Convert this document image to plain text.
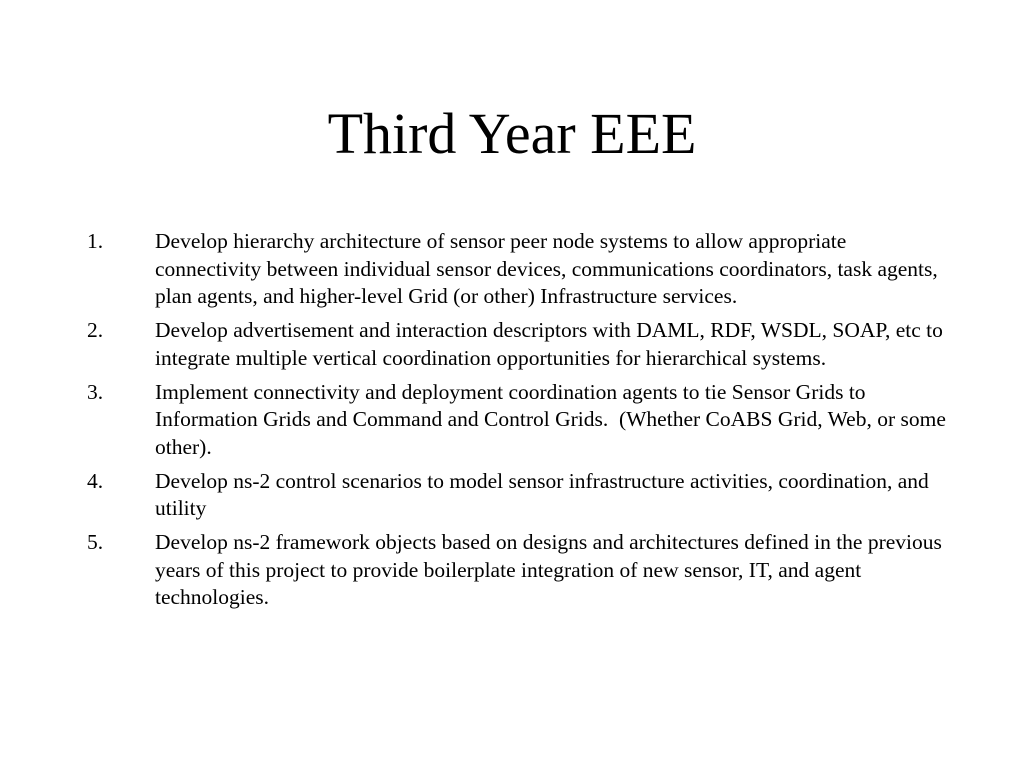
Third Year EEE
1. Develop hierarchy architecture of sensor peer node systems to allow appropriate connectivity between individual sensor devices, communications coordinators, task agents, plan agents, and higher-level Grid (or other) Infrastructure services.
2. Develop advertisement and interaction descriptors with DAML, RDF, WSDL, SOAP, etc to integrate multiple vertical coordination opportunities for hierarchical systems.
3. Implement connectivity and deployment coordination agents to tie Sensor Grids to Information Grids and Command and Control Grids.  (Whether CoABS Grid, Web, or some other).
4. Develop ns-2 control scenarios to model sensor infrastructure activities, coordination, and utility
5. Develop ns-2 framework objects based on designs and architectures defined in the previous years of this project to provide boilerplate integration of new sensor, IT, and agent technologies.
